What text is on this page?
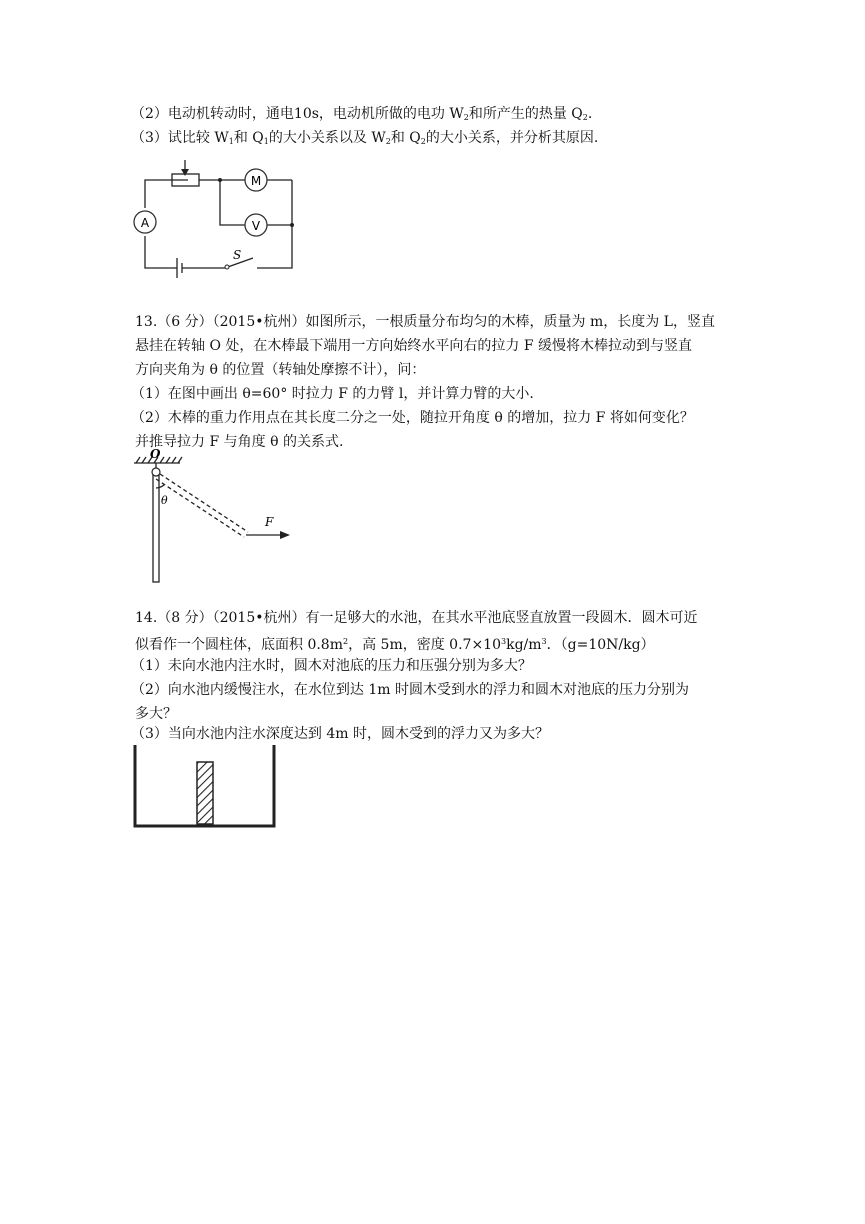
（2）电动机转动时，通电10s，电动机所做的电功 $W_2$和所产生的热量 $Q_2$.
（3）试比较 $W_1$和 $Q_1$的大小关系以及 $W_2$和 $Q_2$的大小关系，并分析其原因.
A
M
V
S
13.（6 分）（2015•杭州）如图所示，一根质量分布均匀的木棒，质量为 m，长度为 L，竖直
悬挂在转轴 O 处，在木棒最下端用一方向始终水平向右的拉力 F 缓慢将木棒拉动到与竖直
方向夹角为 θ 的位置（转轴处摩擦不计），问：
（1）在图中画出 θ=60° 时拉力 F 的力臂 l，并计算力臂的大小.
（2）木棒的重力作用点在其长度二分之一处，随拉开角度 θ 的增加，拉力 F 将如何变化？
并推导拉力 F 与角度 θ 的关系式.
O
θ
F
14.（8 分）（2015•杭州）有一足够大的水池，在其水平池底竖直放置一段圆木．圆木可近
似看作一个圆柱体，底面积 $0.8m^2$，高 5m，密度 $0.7\times 10^3kg/m^3$．（g=10N/kg）
（1）未向水池内注水时，圆木对池底的压力和压强分别为多大？
（2）向水池内缓慢注水，在水位到达 1m 时圆木受到水的浮力和圆木对池底的压力分别为
多大？
（3）当向水池内注水深度达到 4m 时，圆木受到的浮力又为多大？
